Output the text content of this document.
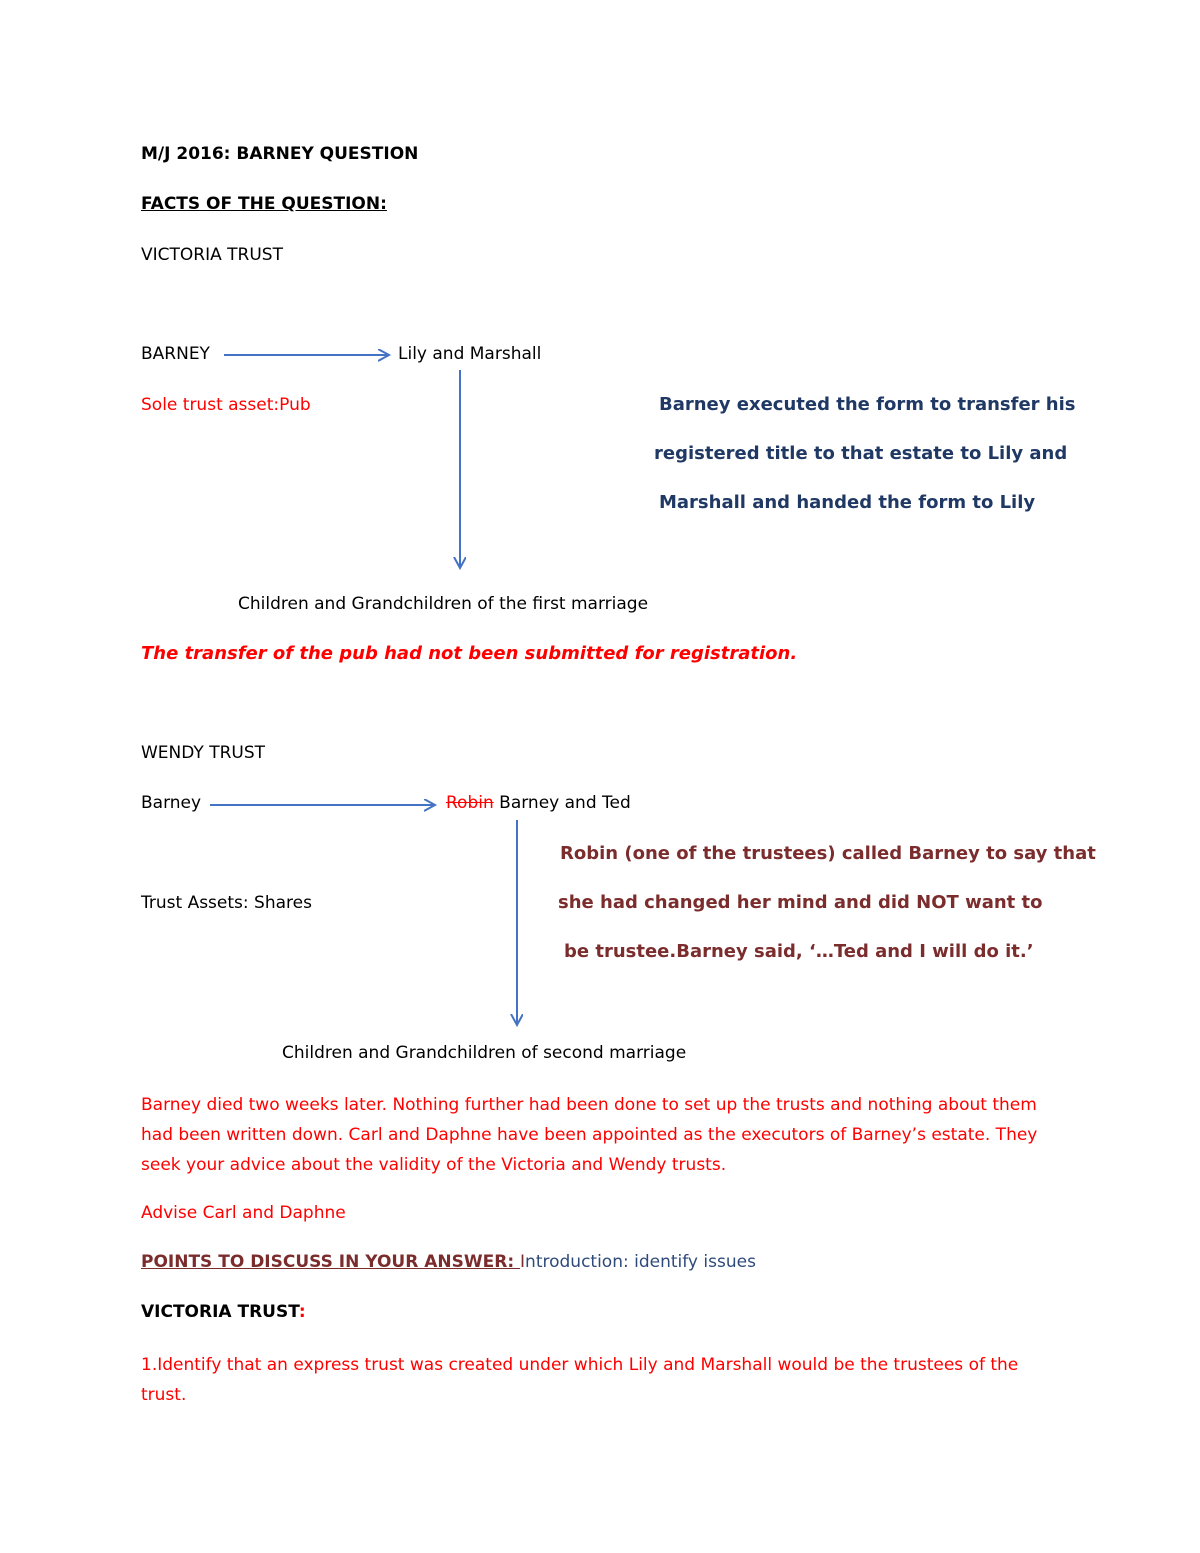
M/J 2016: BARNEY QUESTION
FACTS OF THE QUESTION:
VICTORIA TRUST
BARNEY	Lily and Marshall
Sole trust asset:Pub	Barney executed the form to transfer his
registered title to that estate to Lily and
Marshall and handed the form to Lily
Children and Grandchildren of the first marriage
The transfer of the pub had not been submitted for registration.
WENDY TRUST
Barney	Robin Barney and Ted
Robin (one of the trustees) called Barney to say that
Trust Assets: Shares	she had changed her mind and did NOT want to
be trustee.Barney said, ‘…Ted and I will do it.’
Children and Grandchildren of second marriage
Barney died two weeks later. Nothing further had been done to set up the trusts and nothing about them had been written down. Carl and Daphne have been appointed as the executors of Barney’s estate. They seek your advice about the validity of the Victoria and Wendy trusts.
Advise Carl and Daphne
POINTS TO DISCUSS IN YOUR ANSWER: Introduction: identify issues
VICTORIA TRUST:
1.Identify that an express trust was created under which Lily and Marshall would be the trustees of the trust.
